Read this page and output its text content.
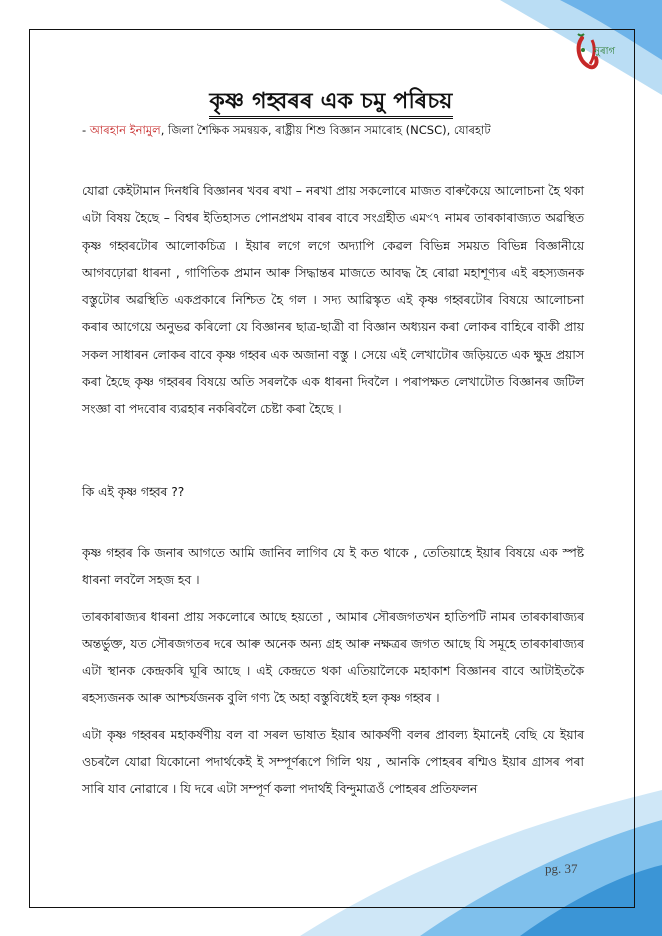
নুৰাগ
কৃষ্ণ গহ্বৰৰ এক চমু পৰিচয়
- আৰহান ইনামুল, জিলা শৈক্ষিক সমন্বয়ক, ৰাষ্ট্ৰীয় শিশু বিজ্ঞান সমাৰোহ (NCSC), যোৰহাট

যোৱা কেইটামান দিনধৰি বিজ্ঞানৰ খবৰ ৰখা – নৰখা প্ৰায় সকলোৰে মাজত বাৰুকৈয়ে আলোচনা হৈ থকা এটা বিষয় হৈছে – বিশ্বৰ ইতিহাসত পোনপ্ৰথম বাৰৰ বাবে সংগ্ৰহীত এমৼ৭ নামৰ তাৰকাৰাজ্যত অৱস্থিত কৃষ্ণ গহ্বৰটোৰ আলোকচিত্ৰ । ইয়াৰ লগে লগে অদ্যাপি কেৱল বিভিন্ন সময়ত বিভিন্ন বিজ্ঞানীয়ে আগবঢ়োৱা ধাৰনা , গাণিতিক প্ৰমান আৰু সিদ্ধান্তৰ মাজতে আবদ্ধ হৈ ৰোৱা মহাশূণ্যৰ এই ৰহস্যজনক বস্তুটোৰ অৱস্থিতি একপ্ৰকাৰে নিশ্চিত হৈ গল । সদ্য আৱিস্কৃত এই কৃষ্ণ গহ্বৰটোৰ বিষয়ে আলোচনা কৰাৰ আগেয়ে অনুভৱ কৰিলো যে বিজ্ঞানৰ ছাত্ৰ-ছাত্ৰী বা বিজ্ঞান অধ্যয়ন কৰা লোকৰ বাহিৰে বাকী প্ৰায় সকল সাধাৰন লোকৰ বাবে কৃষ্ণ গহ্বৰ এক অজানা বস্তু । সেয়ে এই লেখাটোৰ জড়িয়তে এক ক্ষুদ্ৰ প্ৰয়াস কৰা হৈছে কৃষ্ণ গহ্বৰৰ বিষয়ে অতি সৰলকৈ এক ধাৰনা দিবলৈ । পৰাপক্ষত লেখাটোত বিজ্ঞানৰ জটিল সংজ্ঞা বা পদবোৰ ব্যৱহাৰ নকৰিবলৈ চেষ্টা কৰা হৈছে ।

কি এই কৃষ্ণ গহ্বৰ ??

কৃষ্ণ গহ্বৰ কি জনাৰ আগতে আমি জানিব লাগিব যে ই কত থাকে , তেতিয়াহে ইয়াৰ বিষয়ে এক স্পষ্ট ধাৰনা লবলৈ সহজ হব ।

তাৰকাৰাজ্যৰ ধাৰনা প্ৰায় সকলোৰে আছে হয়তো , আমাৰ সৌৰজগতখন হাতিপটি নামৰ তাৰকাৰাজ্যৰ অন্তৰ্ভুক্ত, যত সৌৰজগতৰ দৰে আৰু অনেক অন্য গ্ৰহ আৰু নক্ষত্ৰৰ জগত আছে যি সমূহে তাৰকাৰাজ্যৰ এটা স্থানক কেন্দ্ৰকৰি ঘূৰি আছে । এই কেন্দ্ৰতে থকা এতিয়ালৈকে মহাকাশ বিজ্ঞানৰ বাবে আটাইতকৈ ৰহস্যজনক আৰু আশ্চৰ্যজনক বুলি গণ্য হৈ অহা বস্তুবিধেই হল কৃষ্ণ গহ্বৰ ।

এটা কৃষ্ণ গহ্বৰৰ মহাকৰ্ষণীয় বল বা সৰল ভাষাত ইয়াৰ আকৰ্ষণী বলৰ প্ৰাবল্য ইমানেই বেছি যে ইয়াৰ ওচৰলৈ যোৱা যিকোনো পদাৰ্থকেই ই সম্পূৰ্ণৰূপে গিলি থয় , আনকি পোহৰৰ ৰশ্মিও ইয়াৰ গ্ৰাসৰ পৰা সাৰি যাব নোৱাৰে । যি দৰে এটা সম্পূৰ্ণ কলা পদাৰ্থই বিন্দুমাত্ৰওঁ পোহৰৰ প্ৰতিফলন

pg. 37
